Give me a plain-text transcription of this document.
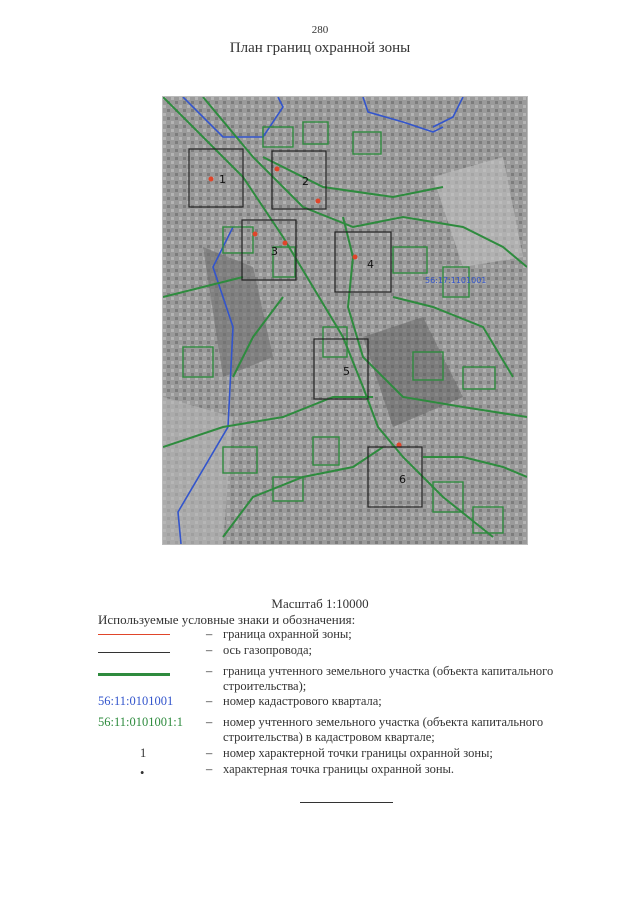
280
План границ охранной зоны
1	2
3
4
5
6
56:17:1101001
Масштаб 1:10000
Используемые условные знаки и обозначения:
– граница охранной зоны;
– ось газопровода;
– граница учтенного земельного участка (объекта капитального строительства);
56:11:0101001	– номер кадастрового квартала;
56:11:0101001:1	– номер учтенного земельного участка (объекта капитального строительства) в кадастровом квартале;
1	– номер характерной точки границы охранной зоны;
•	– характерная точка границы охранной зоны.
